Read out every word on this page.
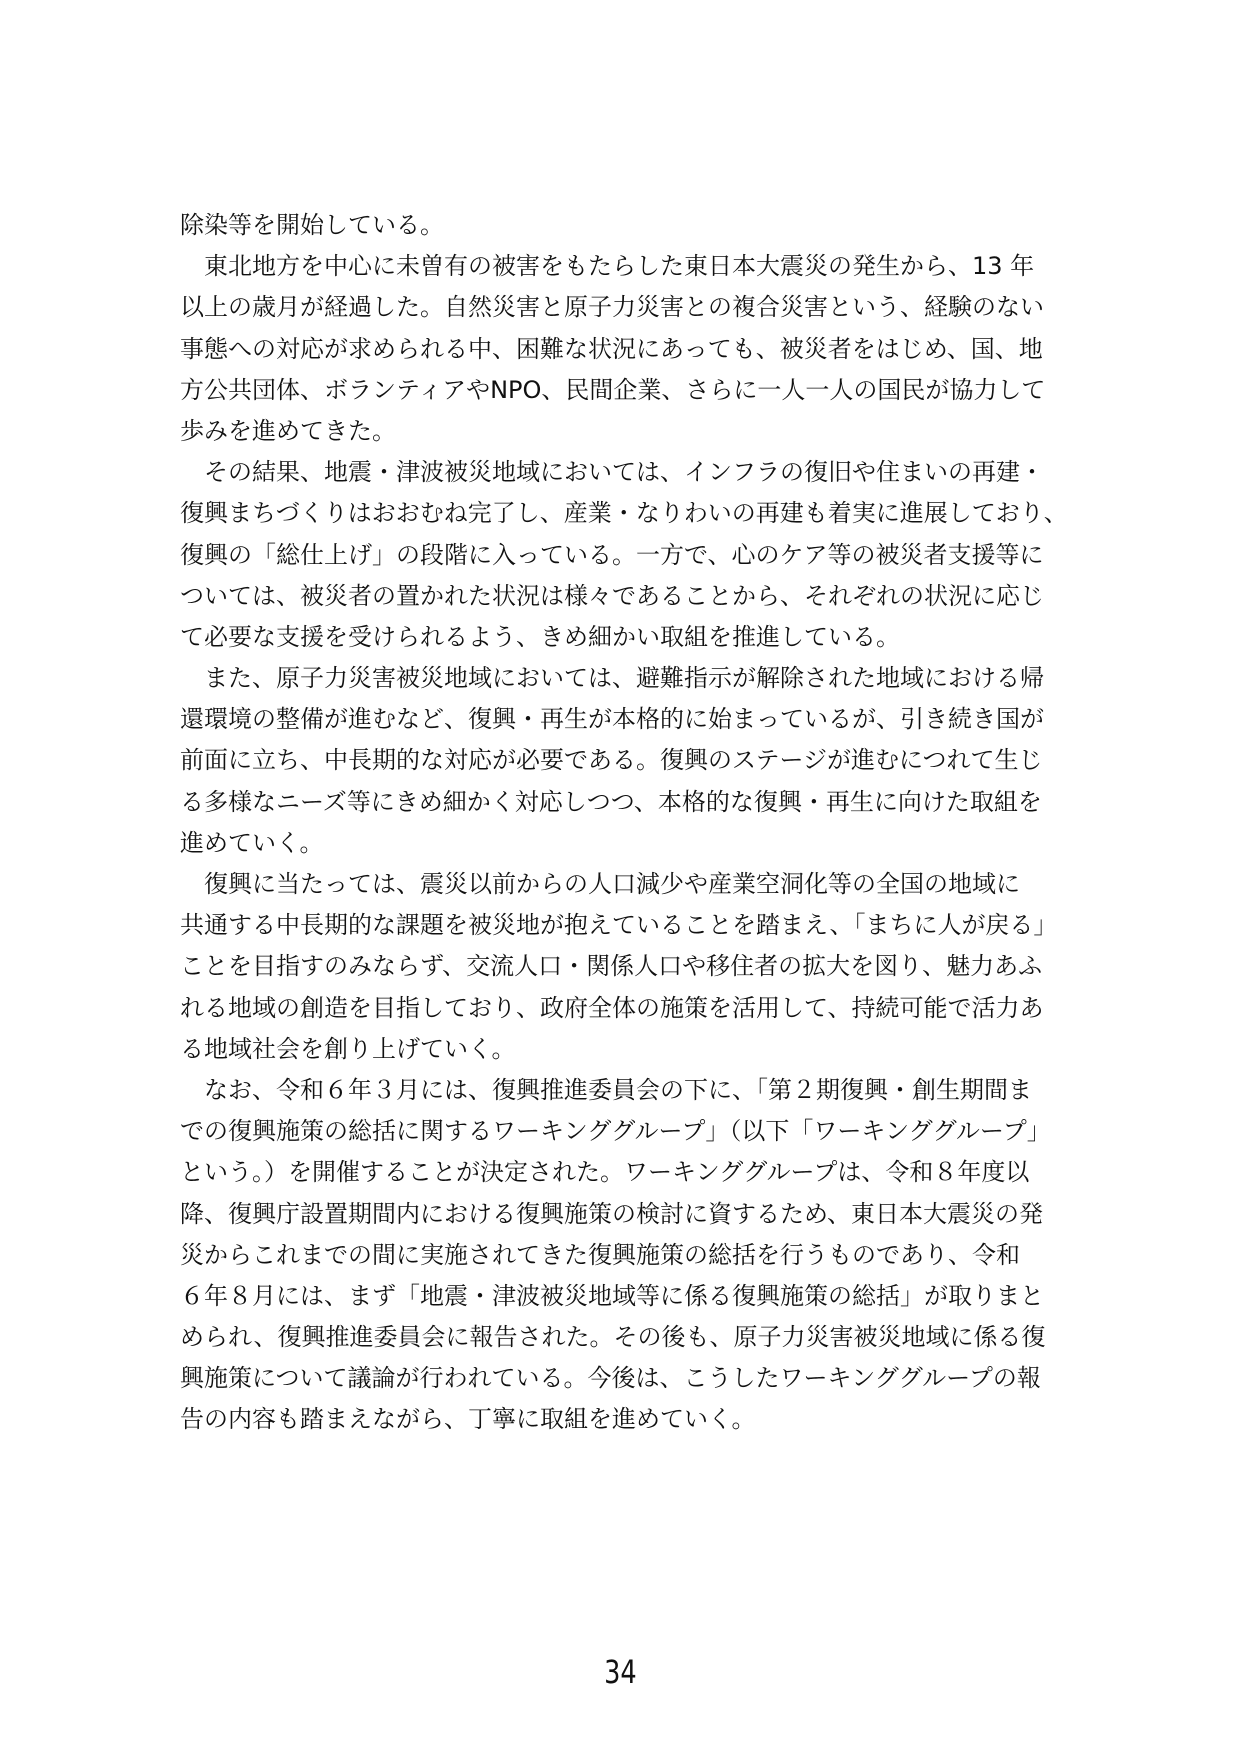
除染等を開始している。
　東北地方を中心に未曽有の被害をもたらした東日本大震災の発生から、13 年
以上の歳月が経過した。自然災害と原子力災害との複合災害という、経験のない
事態への対応が求められる中、困難な状況にあっても、被災者をはじめ、国、地
方公共団体、ボランティアやNPO、民間企業、さらに一人一人の国民が協力して
歩みを進めてきた。
　その結果、地震・津波被災地域においては、インフラの復旧や住まいの再建・
復興まちづくりはおおむね完了し、産業・なりわいの再建も着実に進展しており、
復興の「総仕上げ」の段階に入っている。一方で、心のケア等の被災者支援等に
ついては、被災者の置かれた状況は様々であることから、それぞれの状況に応じ
て必要な支援を受けられるよう、きめ細かい取組を推進している。
　また、原子力災害被災地域においては、避難指示が解除された地域における帰
還環境の整備が進むなど、復興・再生が本格的に始まっているが、引き続き国が
前面に立ち、中長期的な対応が必要である。復興のステージが進むにつれて生じ
る多様なニーズ等にきめ細かく対応しつつ、本格的な復興・再生に向けた取組を
進めていく。
　復興に当たっては、震災以前からの人口減少や産業空洞化等の全国の地域に
共通する中長期的な課題を被災地が抱えていることを踏まえ、「まちに人が戻る」
ことを目指すのみならず、交流人口・関係人口や移住者の拡大を図り、魅力あふ
れる地域の創造を目指しており、政府全体の施策を活用して、持続可能で活力あ
る地域社会を創り上げていく。
　なお、令和６年３月には、復興推進委員会の下に、「第２期復興・創生期間ま
での復興施策の総括に関するワーキンググループ」（以下「ワーキンググループ」
という。）を開催することが決定された。ワーキンググループは、令和８年度以
降、復興庁設置期間内における復興施策の検討に資するため、東日本大震災の発
災からこれまでの間に実施されてきた復興施策の総括を行うものであり、令和
６年８月には、まず「地震・津波被災地域等に係る復興施策の総括」が取りまと
められ、復興推進委員会に報告された。その後も、原子力災害被災地域に係る復
興施策について議論が行われている。今後は、こうしたワーキンググループの報
告の内容も踏まえながら、丁寧に取組を進めていく。
34
